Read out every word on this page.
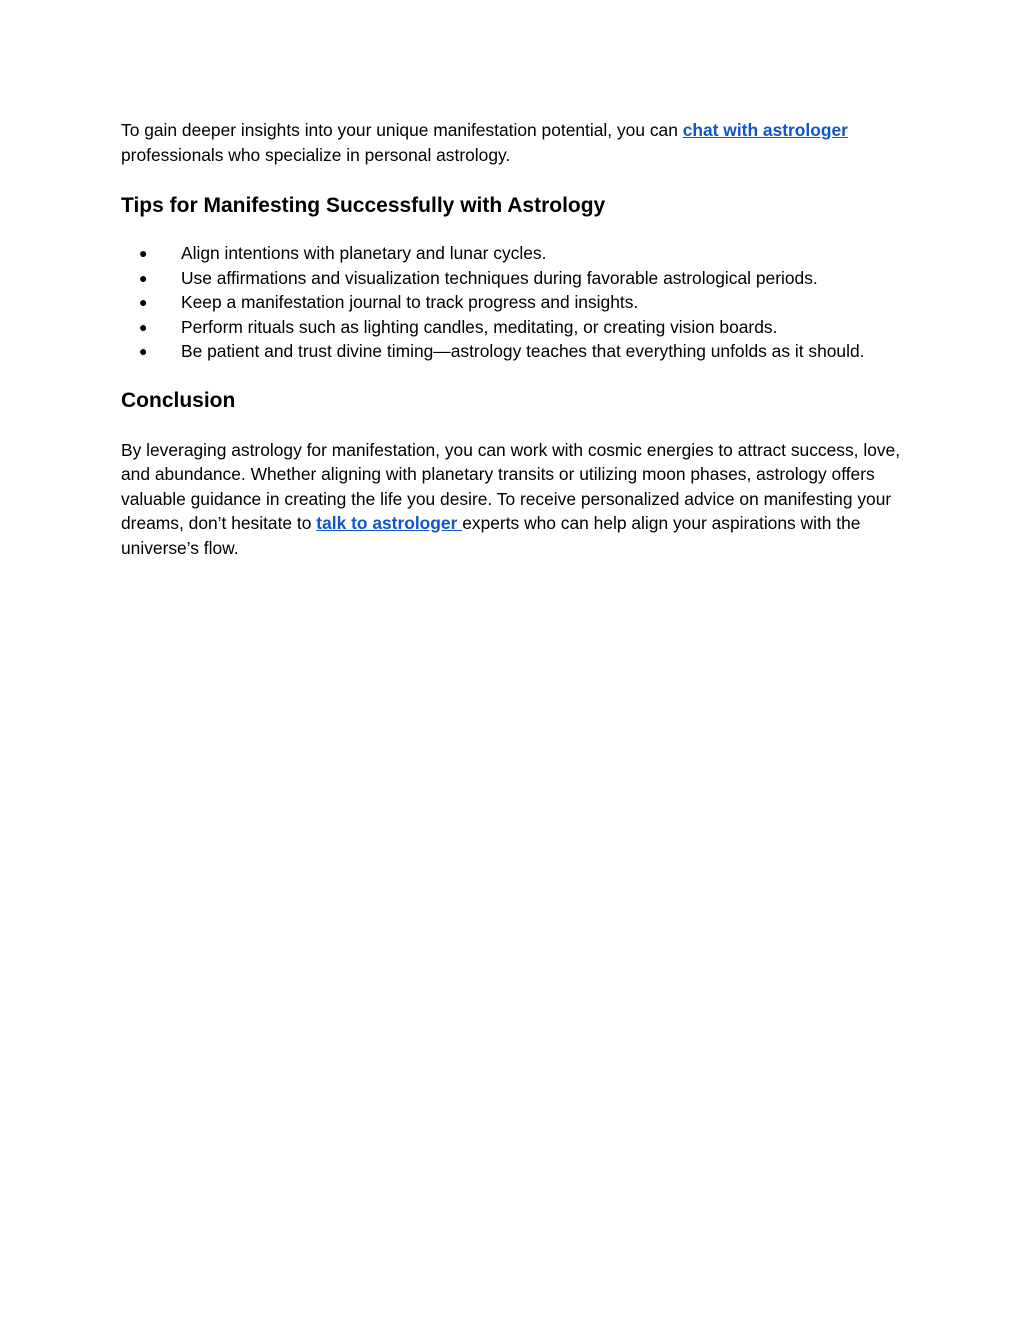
To gain deeper insights into your unique manifestation potential, you can chat with astrologer professionals who specialize in personal astrology.

Tips for Manifesting Successfully with Astrology
● Align intentions with planetary and lunar cycles.
● Use affirmations and visualization techniques during favorable astrological periods.
● Keep a manifestation journal to track progress and insights.
● Perform rituals such as lighting candles, meditating, or creating vision boards.
● Be patient and trust divine timing—astrology teaches that everything unfolds as it should.
Conclusion

By leveraging astrology for manifestation, you can work with cosmic energies to attract success, love, and abundance. Whether aligning with planetary transits or utilizing moon phases, astrology offers valuable guidance in creating the life you desire. To receive personalized advice on manifesting your dreams, don’t hesitate to talk to astrologer experts who can help align your aspirations with the universe’s flow.
